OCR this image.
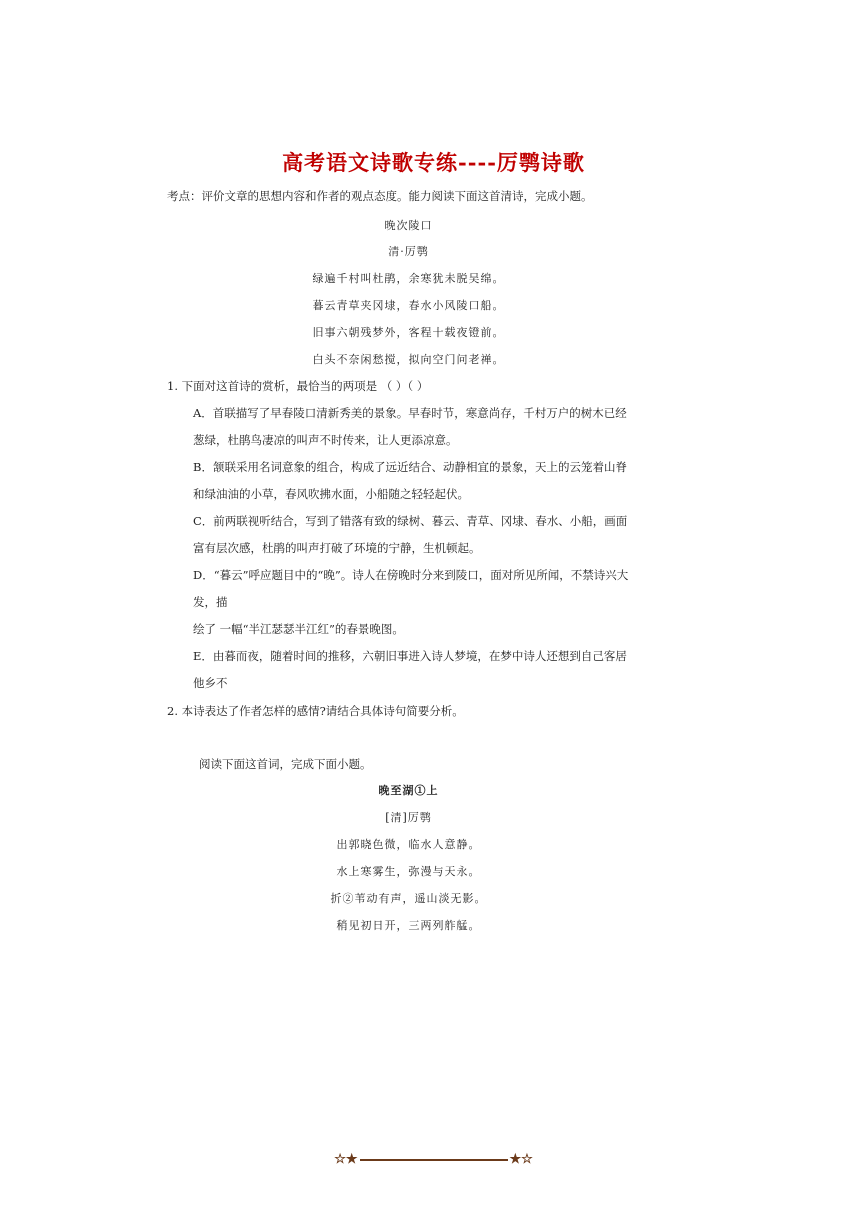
高考语文诗歌专练----厉鹗诗歌
考点：评价文章的思想内容和作者的观点态度。能力阅读下面这首清诗，完成小题。
晚次陵口
清·厉鹗
绿遍千村叫杜鹃，余寒犹未脱吴绵。
暮云青草夹冈埭，春水小风陵口船。
旧事六朝残梦外，客程十载夜镫前。
白头不奈闲愁搅，拟向空门问老禅。
1. 下面对这首诗的赏析，最恰当的两项是 （ ）（ ）
A．首联描写了早春陵口清新秀美的景象。早春时节，寒意尚存，千村万户的树木已经
葱绿，杜鹃鸟凄凉的叫声不时传来，让人更添凉意。
B．颔联采用名词意象的组合，构成了远近结合、动静相宜的景象，天上的云笼着山脊
和绿油油的小草，春风吹拂水面，小船随之轻轻起伏。
C．前两联视听结合，写到了错落有致的绿树、暮云、青草、冈埭、春水、小船，画面
富有层次感，杜鹃的叫声打破了环境的宁静，生机顿起。
D．“暮云”呼应题目中的“晚”。诗人在傍晚时分来到陵口，面对所见所闻，不禁诗兴大
发，描
绘了 一幅“半江瑟瑟半江红”的春景晚图。
E．由暮而夜，随着时间的推移，六朝旧事进入诗人梦境，在梦中诗人还想到自己客居
他乡不
2. 本诗表达了作者怎样的感情?请结合具体诗句简要分析。
阅读下面这首词，完成下面小题。
晚至湖①上
[清]厉鹗
出郭晓色微，临水人意静。
水上寒雾生，弥漫与天永。
折②苇动有声，遥山淡无影。
稍见初日开，三两列舴艋。
☆★	★☆
